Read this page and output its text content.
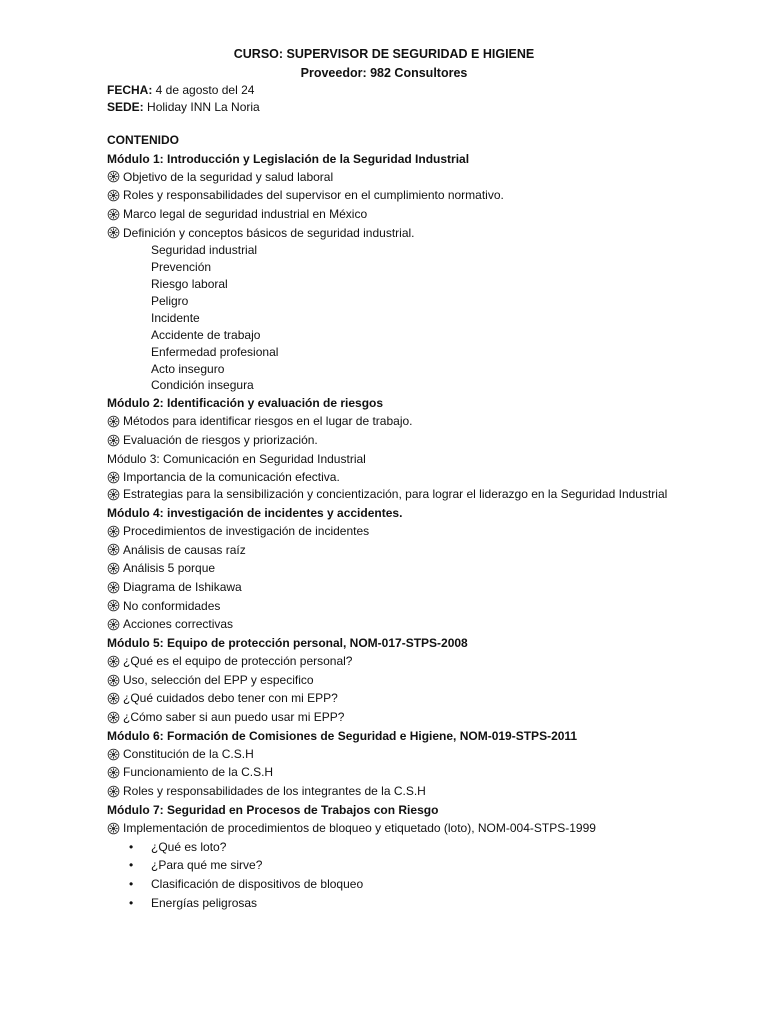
CURSO: SUPERVISOR DE SEGURIDAD E HIGIENE
Proveedor: 982 Consultores
FECHA: 4 de agosto del 24
SEDE: Holiday INN La Noria
CONTENIDO
Módulo 1: Introducción y Legislación de la Seguridad Industrial
Objetivo de la seguridad y salud laboral
Roles y responsabilidades del supervisor en el cumplimiento normativo.
Marco legal de seguridad industrial en México
Definición y conceptos básicos de seguridad industrial.
Seguridad industrial
Prevención
Riesgo laboral
Peligro
Incidente
Accidente de trabajo
Enfermedad profesional
Acto inseguro
Condición insegura
Módulo 2: Identificación y evaluación de riesgos
Métodos para identificar riesgos en el lugar de trabajo.
Evaluación de riesgos y priorización.
Módulo 3: Comunicación en Seguridad Industrial
Importancia de la comunicación efectiva.
Estrategias para la sensibilización y concientización, para lograr el liderazgo en la Seguridad Industrial
Módulo 4: investigación de incidentes y accidentes.
Procedimientos de investigación de incidentes
Análisis de causas raíz
Análisis 5 porque
Diagrama de Ishikawa
No conformidades
Acciones correctivas
Módulo 5: Equipo de protección personal, NOM-017-STPS-2008
¿Qué es el equipo de protección personal?
Uso, selección del EPP y especifico
¿Qué cuidados debo tener con mi EPP?
¿Cómo saber si aun puedo usar mi EPP?
Módulo 6: Formación de Comisiones de Seguridad e Higiene, NOM-019-STPS-2011
Constitución de la C.S.H
Funcionamiento de la C.S.H
Roles y responsabilidades de los integrantes de la C.S.H
Módulo 7: Seguridad en Procesos de Trabajos con Riesgo
Implementación de procedimientos de bloqueo y etiquetado (loto), NOM-004-STPS-1999
•	¿Qué es loto?
•	¿Para qué me sirve?
•	Clasificación de dispositivos de bloqueo
•	Energías peligrosas
